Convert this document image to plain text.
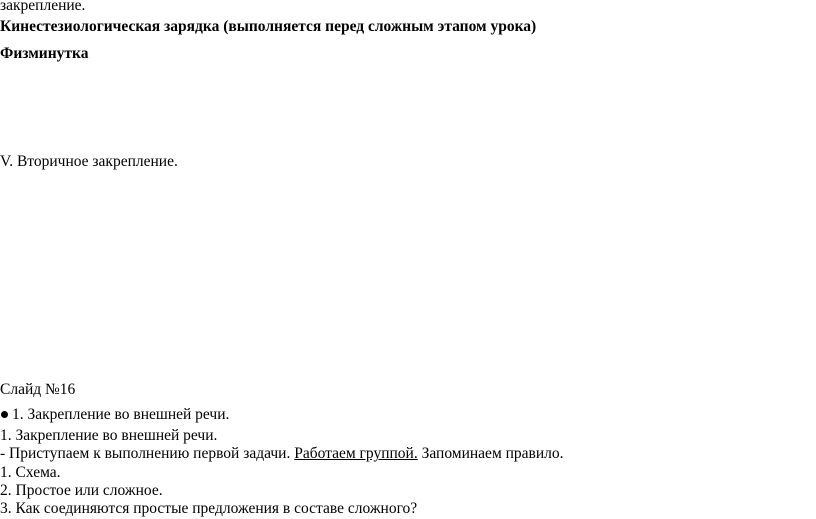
закрепление.
Кинестезиологическая зарядка (выполняется перед сложным этапом урока)
Физминутка
V. Вторичное закрепление.
Слайд №16
1. Закрепление во внешней речи.
1. Закрепление во внешней речи.
- Приступаем к выполнению первой задачи. Работаем группой. Запоминаем правило.
1. Схема.
2. Простое или сложное.
3. Как соединяются простые предложения в составе сложного?
